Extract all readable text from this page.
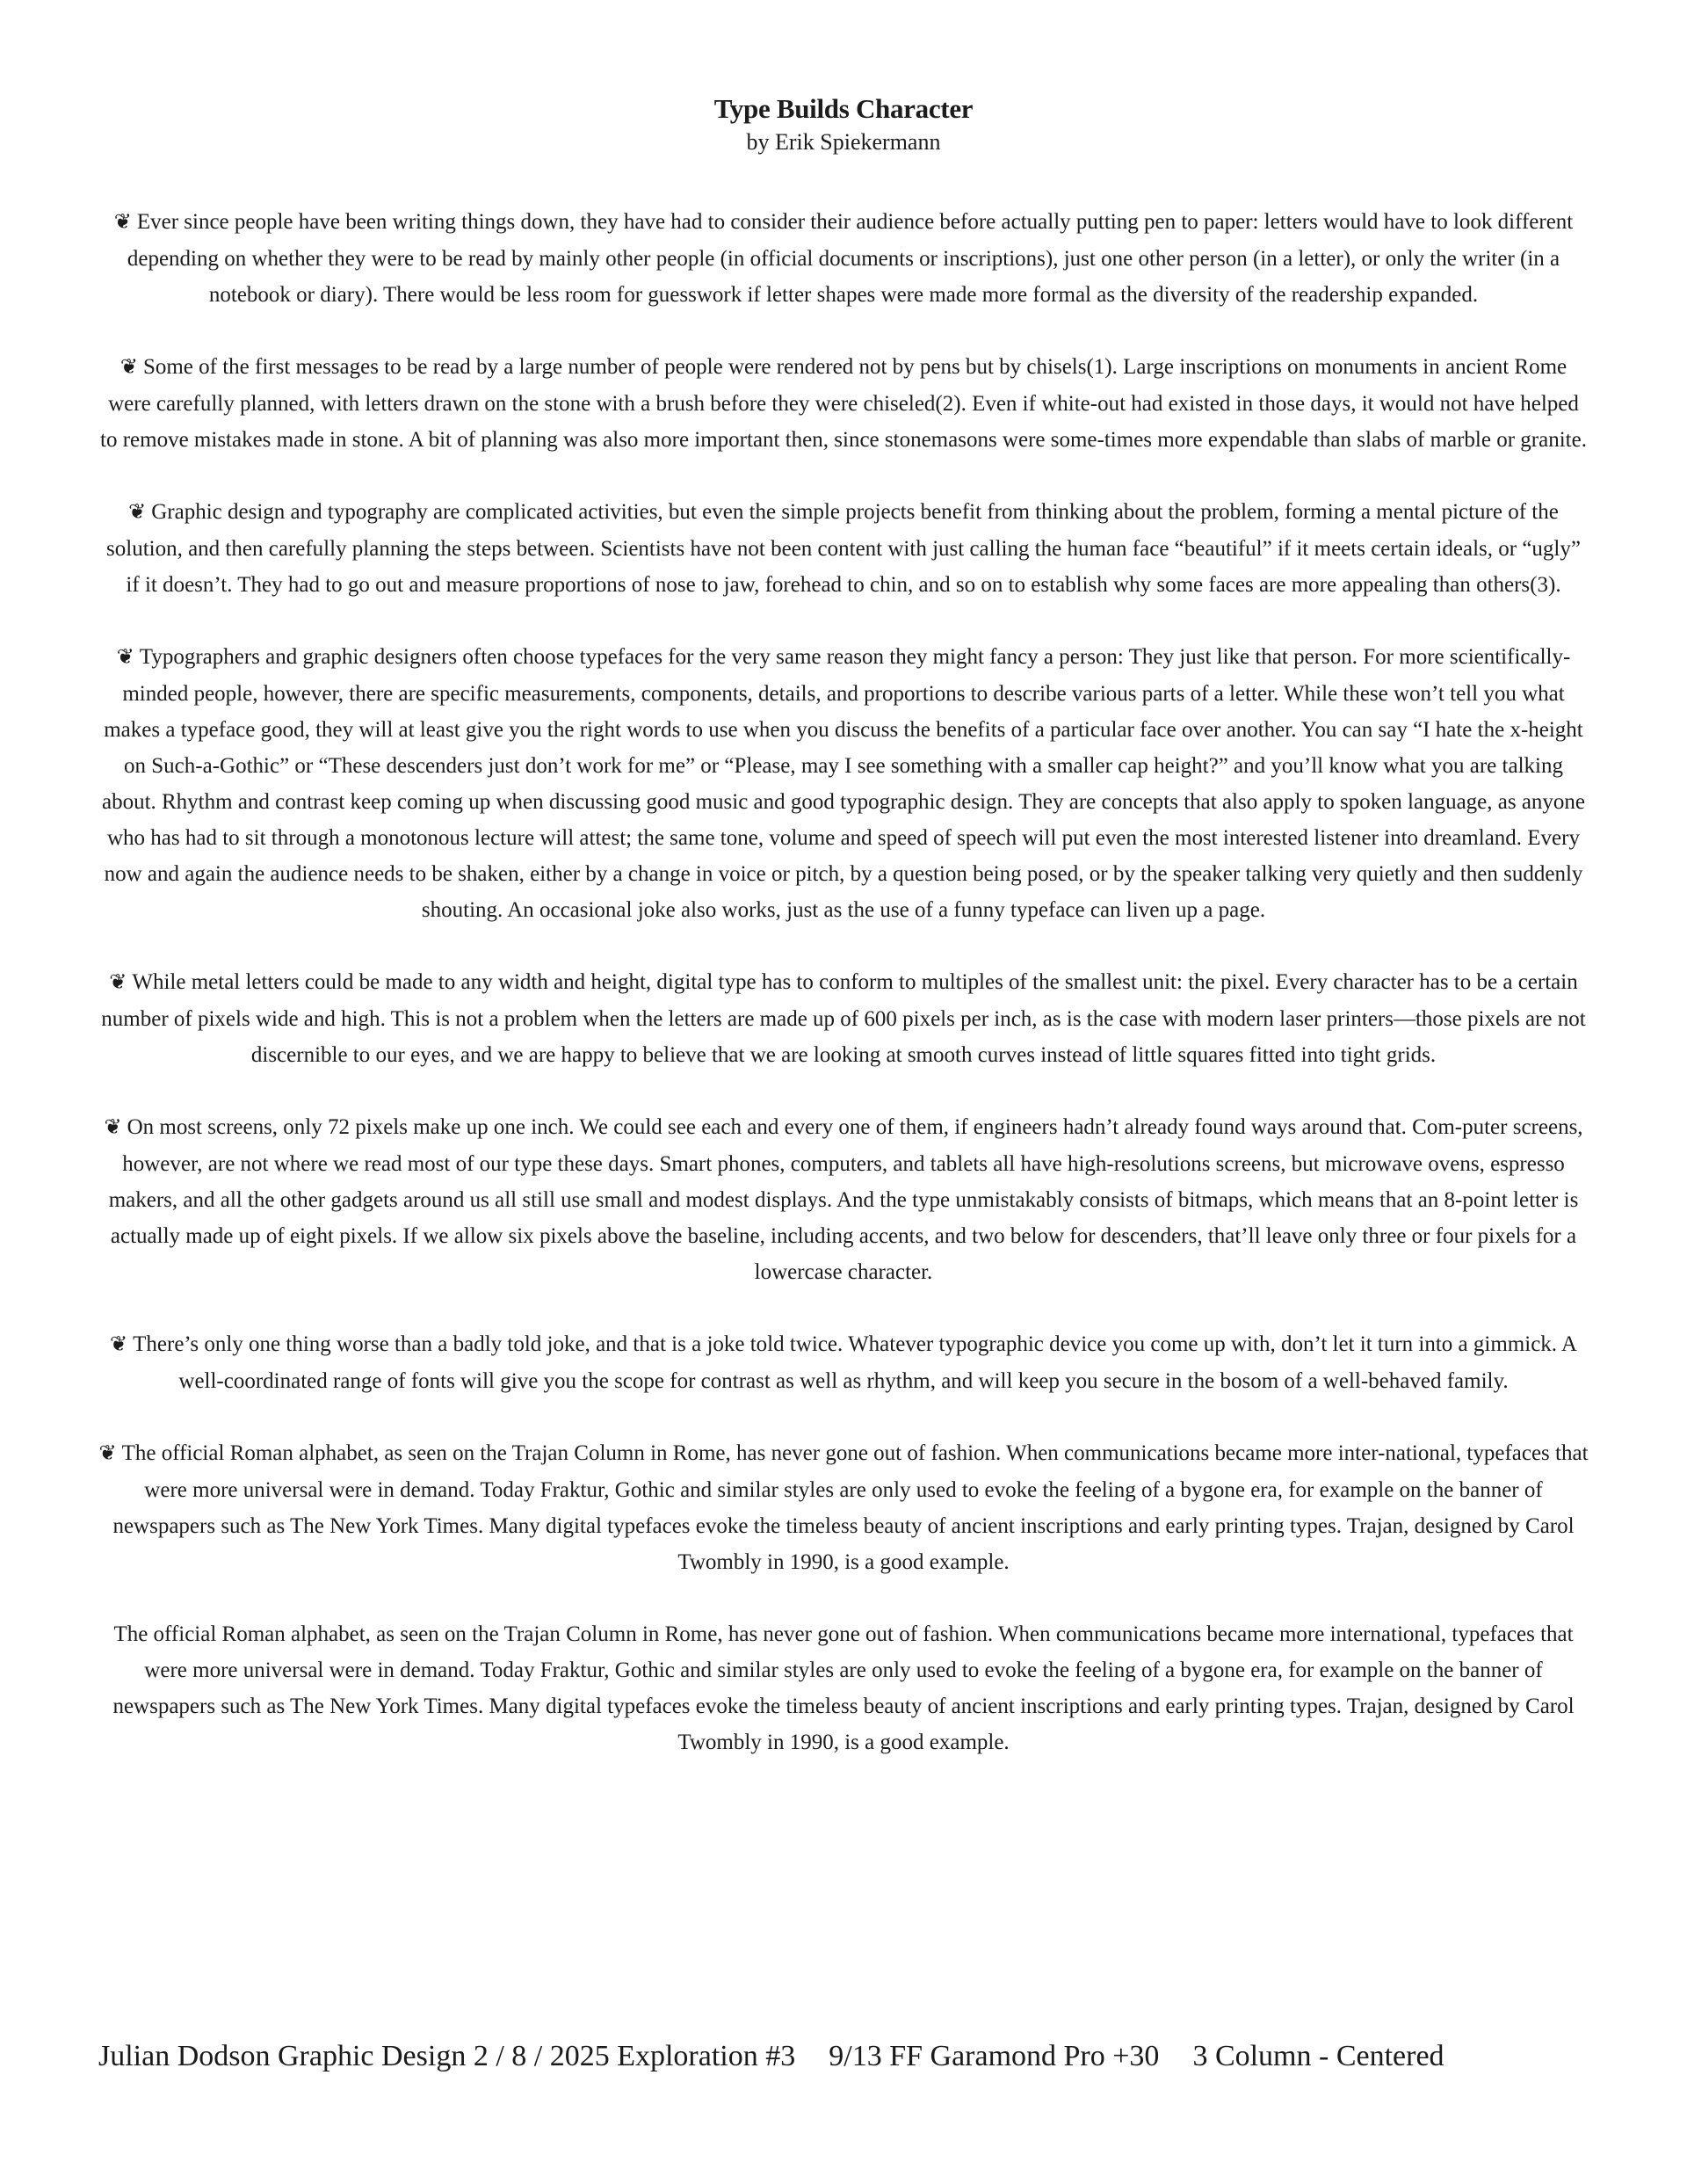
Type Builds Character

by Erik Spiekermann

❦ Ever since people have been writing things down, they have had to consider their audience before actually putting pen to paper: letters would have to look different depending on whether they were to be read by mainly other people (in official documents or inscriptions), just one other person (in a letter), or only the writer (in a notebook or diary). There would be less room for guesswork if letter shapes were made more formal as the diversity of the readership expanded.

❦ Some of the first messages to be read by a large number of people were rendered not by pens but by chisels(1). Large inscriptions on monuments in ancient Rome were carefully planned, with letters drawn on the stone with a brush before they were chiseled(2). Even if white-out had existed in those days, it would not have helped to remove mistakes made in stone. A bit of planning was also more important then, since stonemasons were some-times more expendable than slabs of marble or granite.

❦ Graphic design and typography are complicated activities, but even the simple projects benefit from thinking about the problem, forming a mental picture of the solution, and then carefully planning the steps between. Scientists have not been content with just calling the human face “beautiful” if it meets certain ideals, or “ugly” if it doesn’t. They had to go out and measure proportions of nose to jaw, forehead to chin, and so on to establish why some faces are more appealing than others(3).

❦ Typographers and graphic designers often choose typefaces for the very same reason they might fancy a person: They just like that person. For more scientifically-minded people, however, there are specific measurements, components, details, and proportions to describe various parts of a letter. While these won’t tell you what makes a typeface good, they will at least give you the right words to use when you discuss the benefits of a particular face over another. You can say “I hate the x-height on Such-a-Gothic” or “These descenders just don’t work for me” or “Please, may I see something with a smaller cap height?” and you’ll know what you are talking about. Rhythm and contrast keep coming up when discussing good music and good typographic design. They are concepts that also apply to spoken language, as anyone who has had to sit through a monotonous lecture will attest; the same tone, volume and speed of speech will put even the most interested listener into dreamland. Every now and again the audience needs to be shaken, either by a change in voice or pitch, by a question being posed, or by the speaker talking very quietly and then suddenly shouting. An occasional joke also works, just as the use of a funny typeface can liven up a page.

❦ While metal letters could be made to any width and height, digital type has to conform to multiples of the smallest unit: the pixel. Every character has to be a certain number of pixels wide and high. This is not a problem when the letters are made up of 600 pixels per inch, as is the case with modern laser printers—those pixels are not discernible to our eyes, and we are happy to believe that we are looking at smooth curves instead of little squares fitted into tight grids.

❦ On most screens, only 72 pixels make up one inch. We could see each and every one of them, if engineers hadn’t already found ways around that. Com-puter screens, however, are not where we read most of our type these days. Smart phones, computers, and tablets all have high-resolutions screens, but microwave ovens, espresso makers, and all the other gadgets around us all still use small and modest displays. And the type unmistakably consists of bitmaps, which means that an 8-point letter is actually made up of eight pixels. If we allow six pixels above the baseline, including accents, and two below for descenders, that’ll leave only three or four pixels for a lowercase character.

❦ There’s only one thing worse than a badly told joke, and that is a joke told twice. Whatever typographic device you come up with, don’t let it turn into a gimmick. A well-coordinated range of fonts will give you the scope for contrast as well as rhythm, and will keep you secure in the bosom of a well-behaved family.

❦ The official Roman alphabet, as seen on the Trajan Column in Rome, has never gone out of fashion. When communications became more inter-national, typefaces that were more universal were in demand. Today Fraktur, Gothic and similar styles are only used to evoke the feeling of a bygone era, for example on the banner of newspapers such as The New York Times. Many digital typefaces evoke the timeless beauty of ancient inscriptions and early printing types. Trajan, designed by Carol Twombly in 1990, is a good example.

The official Roman alphabet, as seen on the Trajan Column in Rome, has never gone out of fashion. When communications became more international, typefaces that were more universal were in demand. Today Fraktur, Gothic and similar styles are only used to evoke the feeling of a bygone era, for example on the banner of newspapers such as The New York Times. Many digital typefaces evoke the timeless beauty of ancient inscriptions and early printing types. Trajan, designed by Carol Twombly in 1990, is a good example.

Julian Dodson Graphic Design 2 / 8 / 2025 Exploration #3 9/13 FF Garamond Pro +30 3 Column - Centered
